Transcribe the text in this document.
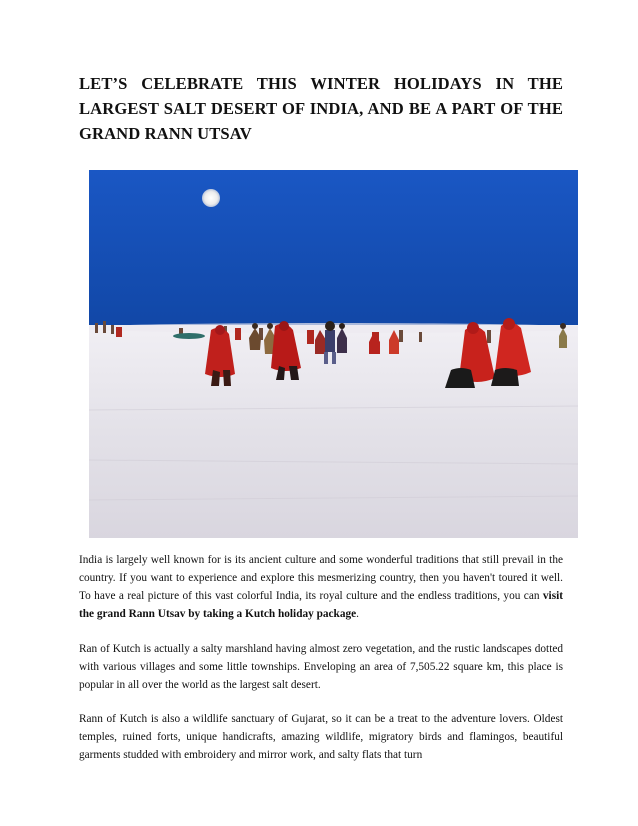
LET’S CELEBRATE THIS WINTER HOLIDAYS IN THE LARGEST SALT DESERT OF INDIA, AND BE A PART OF THE GRAND RANN UTSAV
India is largely well known for is its ancient culture and some wonderful traditions that still prevail in the country. If you want to experience and explore this mesmerizing country, then you haven't toured it well. To have a real picture of this vast colorful India, its royal culture and the endless traditions, you can visit the grand Rann Utsav by taking a Kutch holiday package.
Ran of Kutch is actually a salty marshland having almost zero vegetation, and the rustic landscapes dotted with various villages and some little townships. Enveloping an area of 7,505.22 square km, this place is popular in all over the world as the largest salt desert.
Rann of Kutch is also a wildlife sanctuary of Gujarat, so it can be a treat to the adventure lovers. Oldest temples, ruined forts, unique handicrafts, amazing wildlife, migratory birds and flamingos, beautiful garments studded with embroidery and mirror work, and salty flats that turn
